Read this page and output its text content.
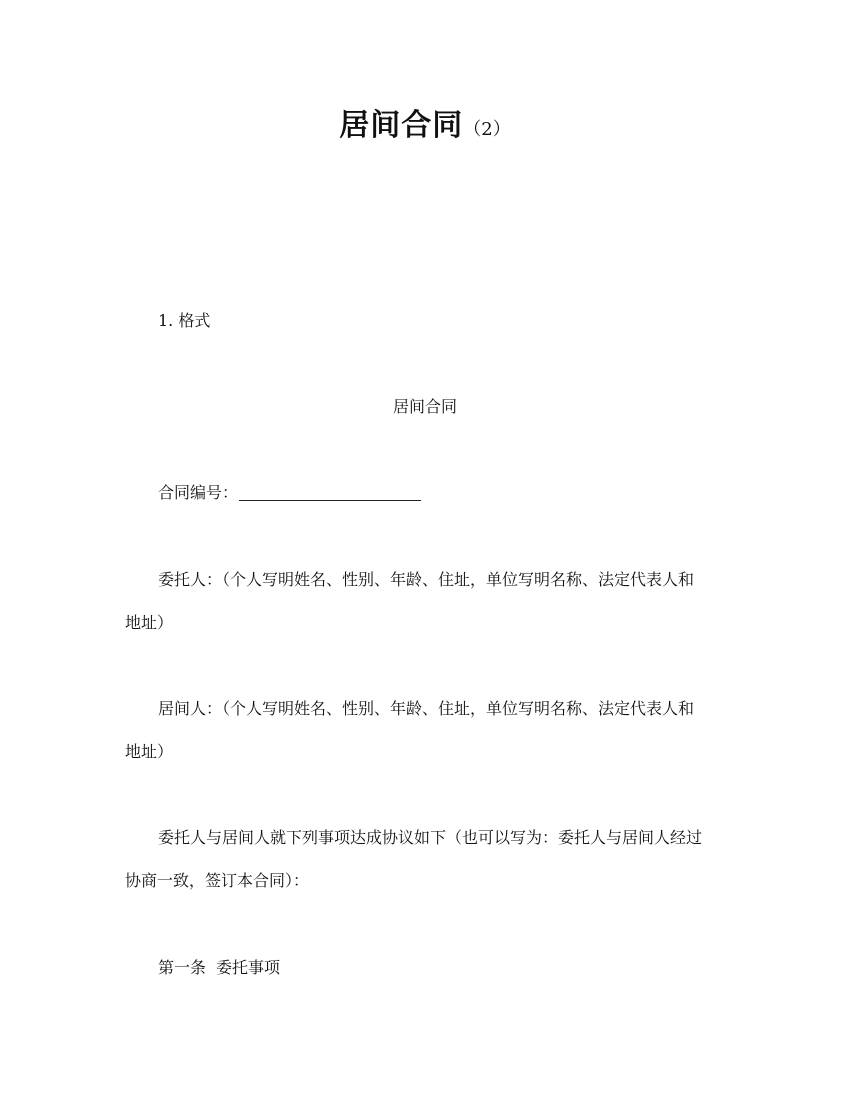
居间合同（2）
1. 格式
居间合同
合同编号：
委托人：（个人写明姓名、性别、年龄、住址，单位写明名称、法定代表人和
地址）
居间人：（个人写明姓名、性别、年龄、住址，单位写明名称、法定代表人和
地址）
委托人与居间人就下列事项达成协议如下（也可以写为：委托人与居间人经过
协商一致，签订本合同）：
第一条 委托事项
